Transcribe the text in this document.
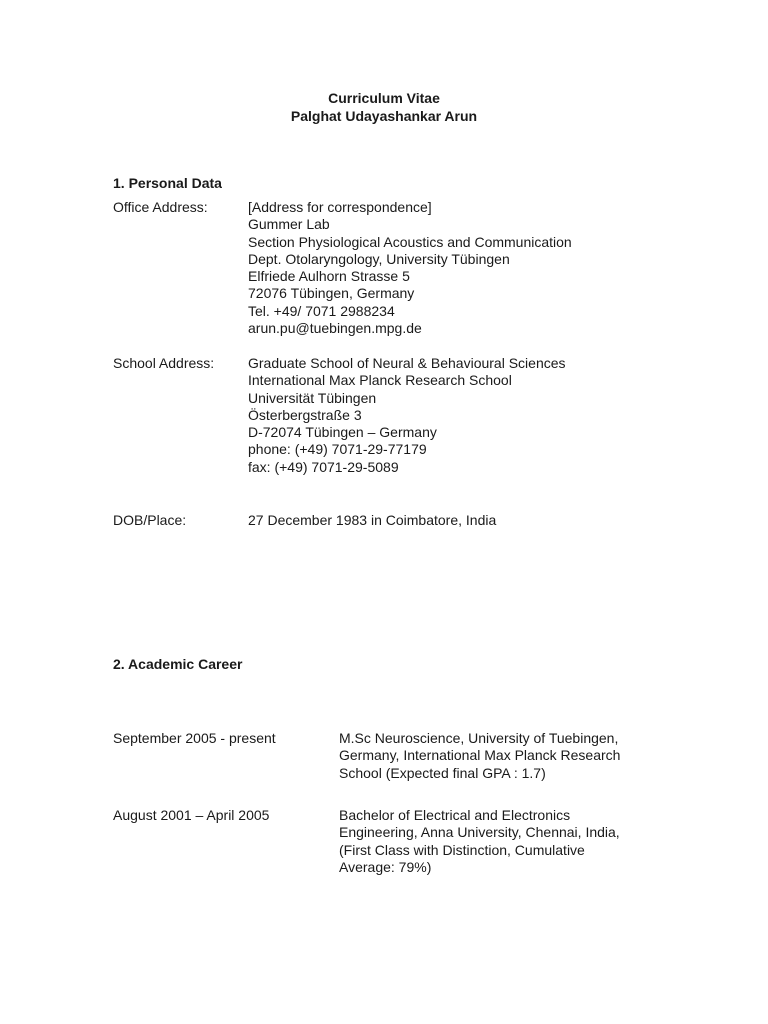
Curriculum Vitae
Palghat Udayashankar Arun
1. Personal Data
Office Address:	[Address for correspondence]
Gummer Lab
Section Physiological Acoustics and Communication
Dept. Otolaryngology, University Tübingen
Elfriede Aulhorn Strasse 5
72076 Tübingen, Germany
Tel. +49/ 7071 2988234
arun.pu@tuebingen.mpg.de
School Address: Graduate School of Neural & Behavioural Sciences
International Max Planck Research School
Universität Tübingen
Österbergstraße 3
D-72074 Tübingen – Germany
phone: (+49) 7071-29-77179
fax: (+49) 7071-29-5089
DOB/Place:	27 December 1983 in Coimbatore, India
2. Academic Career
September 2005 - present	M.Sc Neuroscience, University of Tuebingen,
Germany, International Max Planck Research
School (Expected final GPA : 1.7)
August 2001 – April 2005	Bachelor of Electrical and Electronics
Engineering, Anna University, Chennai, India,
(First Class with Distinction, Cumulative
Average: 79%)
